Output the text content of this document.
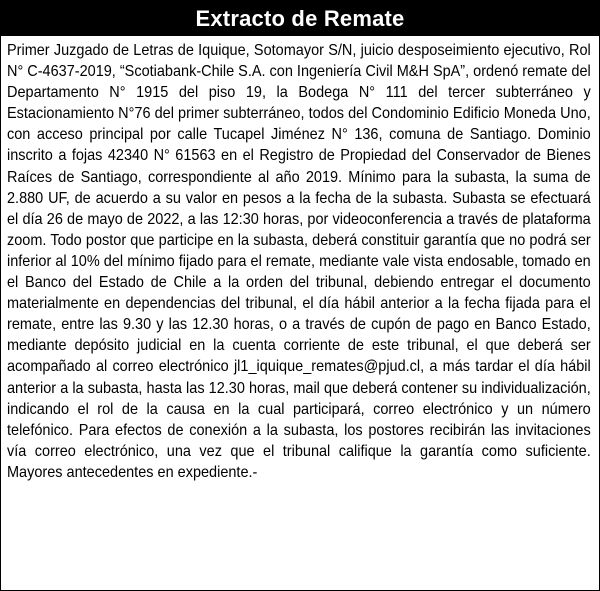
Extracto de Remate

Primer Juzgado de Letras de Iquique, Sotomayor S/N, juicio desposeimiento ejecutivo, Rol N° C-4637-2019, “Scotiabank-Chile S.A. con Ingeniería Civil M&H SpA”, ordenó remate del Departamento N° 1915 del piso 19, la Bodega N° 111 del tercer subterráneo y Estacionamiento N°76 del primer subterráneo, todos del Condominio Edificio Moneda Uno, con acceso principal por calle Tucapel Jiménez N° 136, comuna de Santiago. Dominio inscrito a fojas 42340 N° 61563 en el Registro de Propiedad del Conservador de Bienes Raíces de Santiago, correspondiente al año 2019. Mínimo para la subasta, la suma de 2.880 UF, de acuerdo a su valor en pesos a la fecha de la subasta. Subasta se efectuará el día 26 de mayo de 2022, a las 12:30 horas, por videoconferencia a través de plataforma zoom. Todo postor que participe en la subasta, deberá constituir garantía que no podrá ser inferior al 10% del mínimo fijado para el remate, mediante vale vista endosable, tomado en el Banco del Estado de Chile a la orden del tribunal, debiendo entregar el documento materialmente en dependencias del tribunal, el día hábil anterior a la fecha fijada para el remate, entre las 9.30 y las 12.30 horas, o a través de cupón de pago en Banco Estado, mediante depósito judicial en la cuenta corriente de este tribunal, el que deberá ser acompañado al correo electrónico jl1_iquique_remates@pjud.cl, a más tardar el día hábil anterior a la subasta, hasta las 12.30 horas, mail que deberá contener su individualización, indicando el rol de la causa en la cual participará, correo electrónico y un número telefónico. Para efectos de conexión a la subasta, los postores recibirán las invitaciones vía correo electrónico, una vez que el tribunal califique la garantía como suficiente. Mayores antecedentes en expediente.-
